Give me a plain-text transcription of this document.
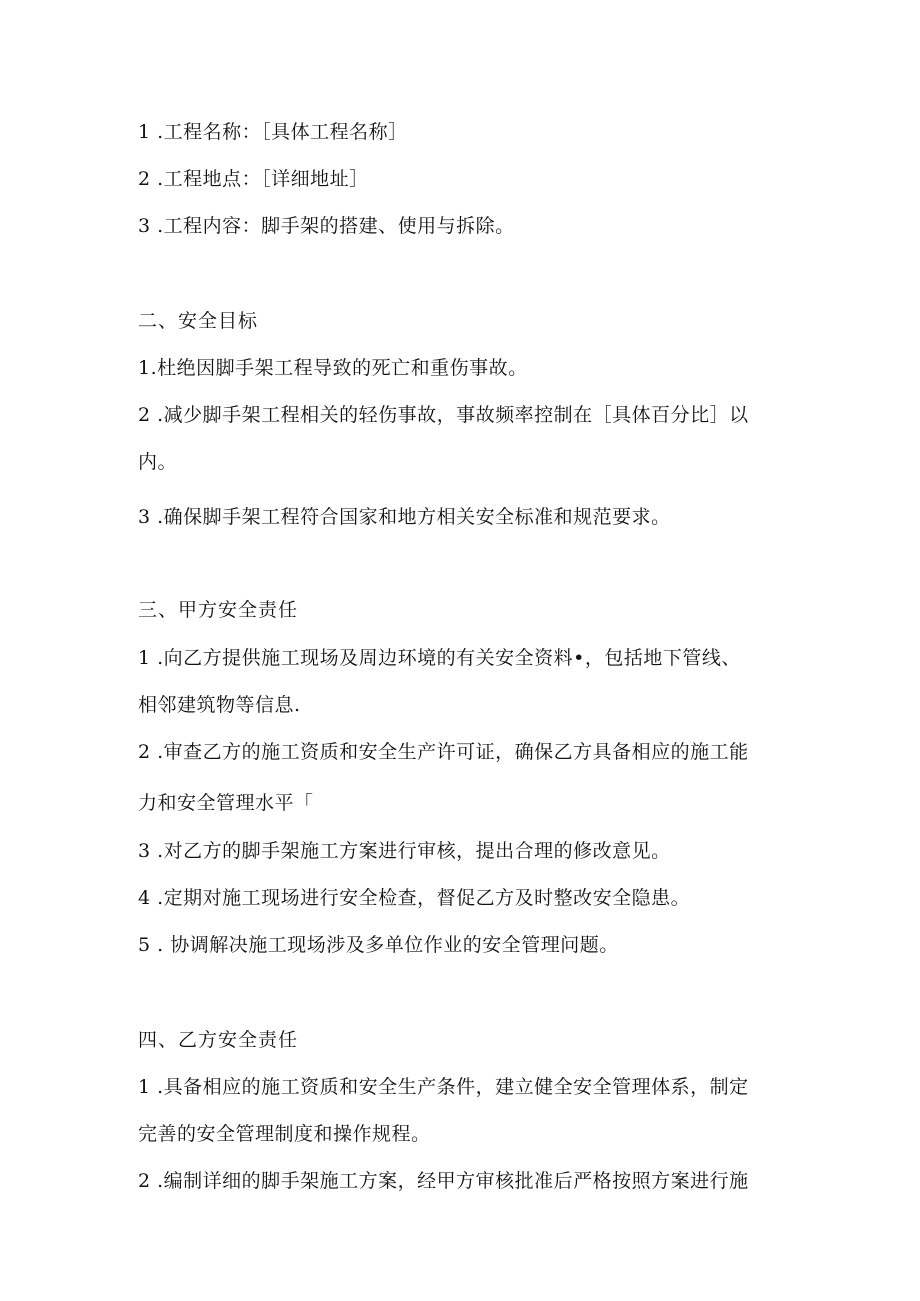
1 .工程名称：［具体工程名称］
2 .工程地点：［详细地址］
3 .工程内容：脚手架的搭建、使用与拆除。
二、安全目标
1.杜绝因脚手架工程导致的死亡和重伤事故。
2 .减少脚手架工程相关的轻伤事故，事故频率控制在［具体百分比］以
内。
3 .确保脚手架工程符合国家和地方相关安全标准和规范要求。
三、甲方安全责任
1 .向乙方提供施工现场及周边环境的有关安全资料•，包括地下管线、
相邻建筑物等信息.
2 .审查乙方的施工资质和安全生产许可证，确保乙方具备相应的施工能
力和安全管理水平「
3 .对乙方的脚手架施工方案进行审核，提出合理的修改意见。
4 .定期对施工现场进行安全检查，督促乙方及时整改安全隐患。
5 . 协调解决施工现场涉及多单位作业的安全管理问题。
四、乙方安全责任
1 .具备相应的施工资质和安全生产条件，建立健全安全管理体系，制定
完善的安全管理制度和操作规程。
2 .编制详细的脚手架施工方案，经甲方审核批准后严格按照方案进行施
